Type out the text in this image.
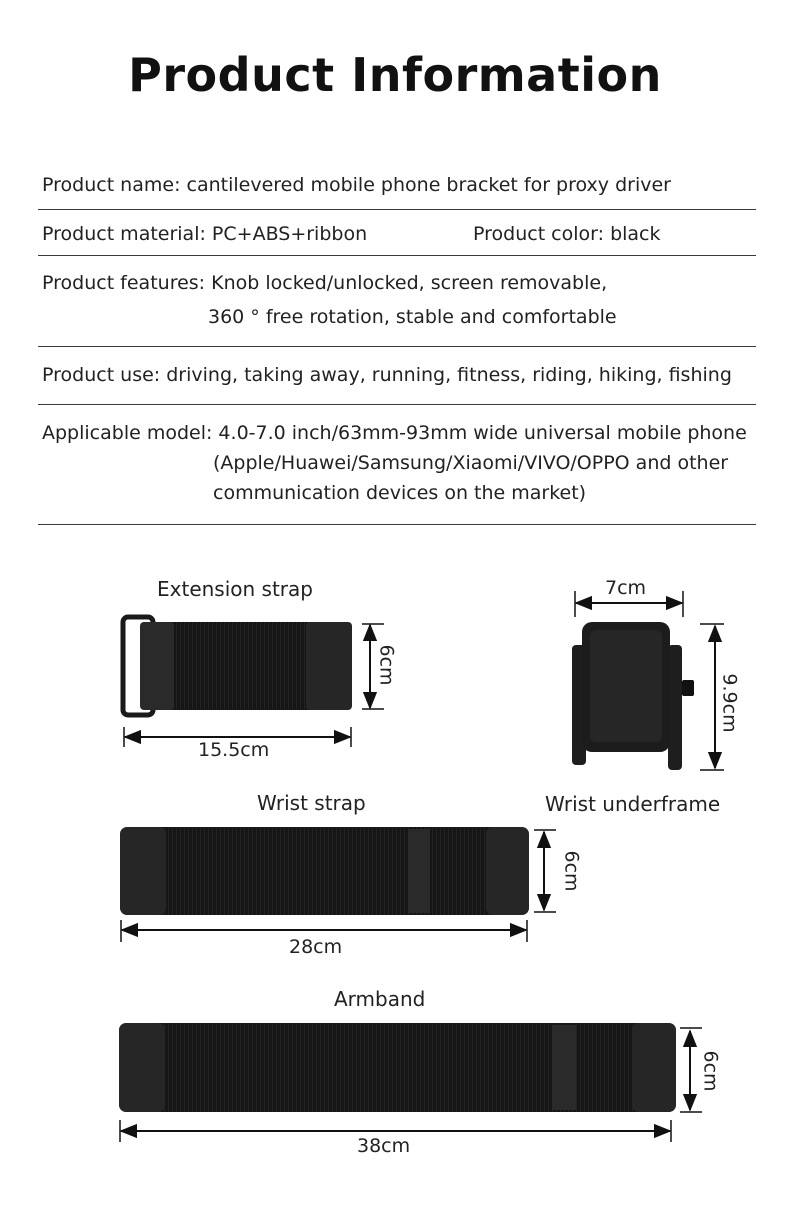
Product Information
Product name: cantilevered mobile phone bracket for proxy driver
Product material: PC+ABS+ribbon	Product color: black
Product features: Knob locked/unlocked, screen removable,
360 ° free rotation, stable and comfortable
Product use: driving, taking away, running, fitness, riding, hiking, fishing
Applicable model: 4.0-7.0 inch/63mm-93mm wide universal mobile phone
(Apple/Huawei/Samsung/Xiaomi/VIVO/OPPO and other
communication devices on the market)
Extension strap
15.5cm
6cm
7cm
9.9cm
Wrist underframe
Wrist strap
28cm
6cm
Armband
38cm
6cm
